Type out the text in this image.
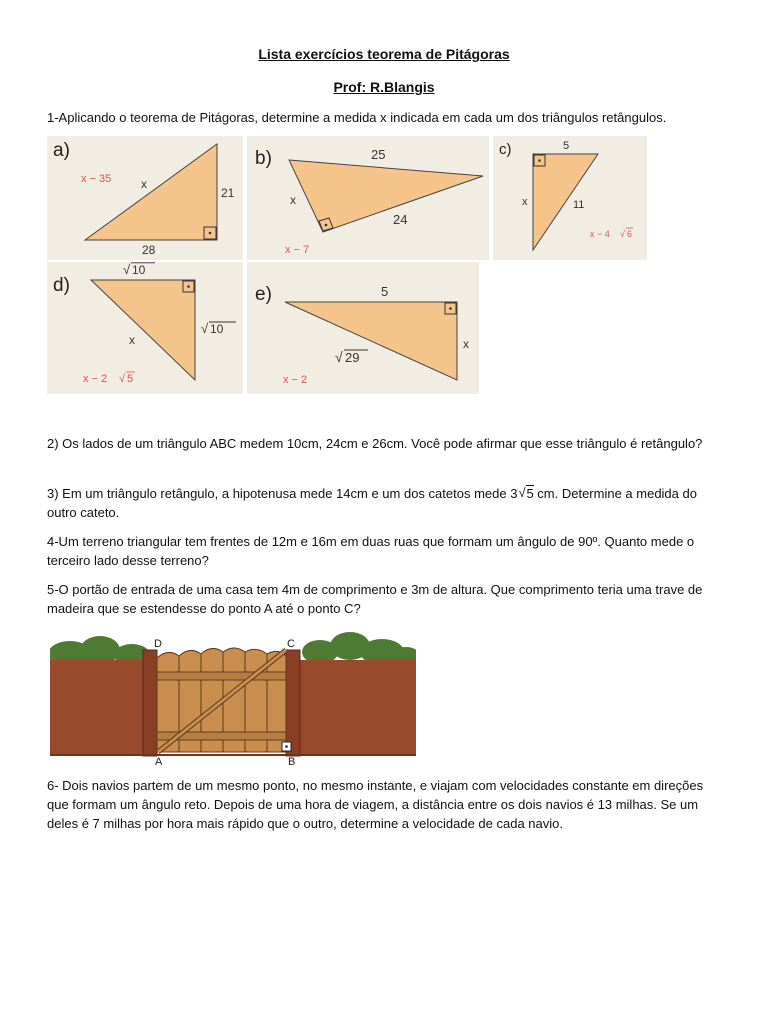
Lista exercícios teorema de Pitágoras
Prof: R.Blangis

1-Aplicando o teorema de Pitágoras, determine a medida x indicada em cada um dos triângulos retângulos.

a)
x − 35 x
21
28
b)	25
x
24
x − 7
c)	5
x	11
x − 4 √ 6
d)
√ 10
x
√ 10
x − 2 √ 5
e)	5
x
√ 29
x − 2

2) Os lados de um triângulo ABC medem 10cm, 24cm e 26cm. Você pode afirmar que esse triângulo é retângulo?

3) Em um triângulo retângulo, a hipotenusa mede 14cm e um dos catetos mede 3 √ 5 cm. Determine a medida do outro cateto.

4-Um terreno triangular tem frentes de 12m e 16m em duas ruas que formam um ângulo de 90º. Quanto mede o terceiro lado desse terreno?

5-O portão de entrada de uma casa tem 4m de comprimento e 3m de altura. Que comprimento teria uma trave de madeira que se estendesse do ponto A até o ponto C?

D	C
A	B

6- Dois navios partem de um mesmo ponto, no mesmo instante, e viajam com velocidades constante em direções que formam um ângulo reto. Depois de uma hora de viagem, a distância entre os dois navios é 13 milhas. Se um deles é 7 milhas por hora mais rápido que o outro, determine a velocidade de cada navio.
